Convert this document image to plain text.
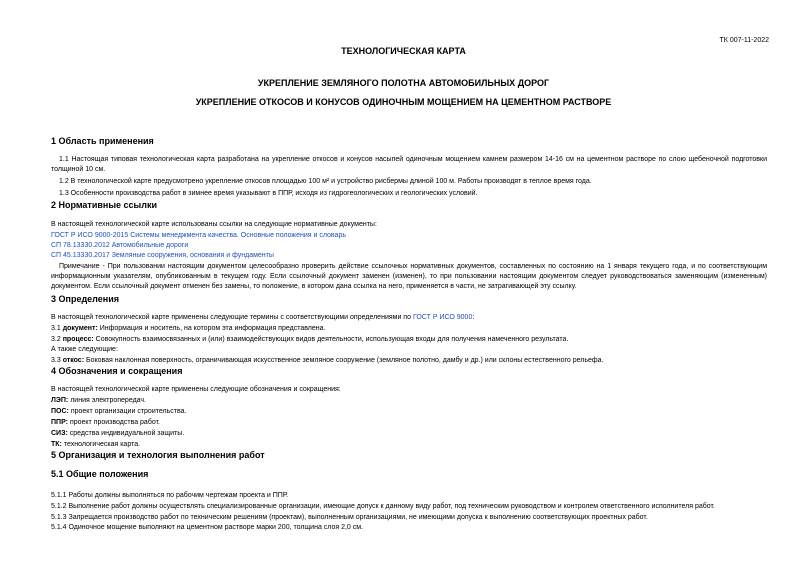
ТК 007-11-2022
ТЕХНОЛОГИЧЕСКАЯ КАРТА
УКРЕПЛЕНИЕ ЗЕМЛЯНОГО ПОЛОТНА АВТОМОБИЛЬНЫХ ДОРОГ
УКРЕПЛЕНИЕ ОТКОСОВ И КОНУСОВ ОДИНОЧНЫМ МОЩЕНИЕМ НА ЦЕМЕНТНОМ РАСТВОРЕ
1 Область применения
1.1 Настоящая типовая технологическая карта разработана на укрепление откосов и конусов насыпей одиночным мощением камнем размером 14-16 см на цементном растворе по слою щебеночной подготовки толщиной 10 см.
1.2 В технологической карте предусмотрено укрепление откосов площадью 100 м² и устройство рисбермы длиной 100 м. Работы производят в теплое время года.
1.3 Особенности производства работ в зимнее время указывают в ППР, исходя из гидрогеологических и геологических условий.
2 Нормативные ссылки
В настоящей технологической карте использованы ссылки на следующие нормативные документы:
ГОСТ Р ИСО 9000-2015 Системы менеджмента качества. Основные положения и словарь
СП 78.13330.2012 Автомобильные дороги
СП 45.13330.2017 Земляные сооружения, основания и фундаменты
Примечание - При пользовании настоящим документом целесообразно проверить действие ссылочных нормативных документов, составленных по состоянию на 1 января текущего года, и по соответствующим информационным указателям, опубликованным в текущем году. Если ссылочный документ заменен (изменен), то при пользовании настоящим документом следует руководствоваться заменяющим (измененным) документом. Если ссылочный документ отменен без замены, то положение, в котором дана ссылка на него, применяется в части, не затрагивающей эту ссылку.
3 Определения
В настоящей технологической карте применены следующие термины с соответствующими определениями по ГОСТ Р ИСО 9000:
3.1 документ: Информация и носитель, на котором эта информация представлена.
3.2 процесс: Совокупность взаимосвязанных и (или) взаимодействующих видов деятельности, использующая входы для получения намеченного результата.
А также следующие:
3.3 откос: Боковая наклонная поверхность, ограничивающая искусственное земляное сооружение (земляное полотно, дамбу и др.) или склоны естественного рельефа.
4 Обозначения и сокращения
В настоящей технологической карте применены следующие обозначения и сокращения:
ЛЭП: линия электропередач.
ПОС: проект организации строительства.
ППР: проект производства работ.
СИЗ: средства индивидуальной защиты.
ТК: технологическая карта.
5 Организация и технология выполнения работ
5.1 Общие положения
5.1.1 Работы должны выполняться по рабочим чертежам проекта и ППР.
5.1.2 Выполнение работ должны осуществлять специализированные организации, имеющие допуск к данному виду работ, под техническим руководством и контролем ответственного исполнителя работ.
5.1.3 Запрещается производство работ по техническим решениям (проектам), выполненным организациями, не имеющими допуска к выполнению соответствующих проектных работ.
5.1.4 Одиночное мощение выполняют на цементном растворе марки 200, толщина слоя 2,0 см.
